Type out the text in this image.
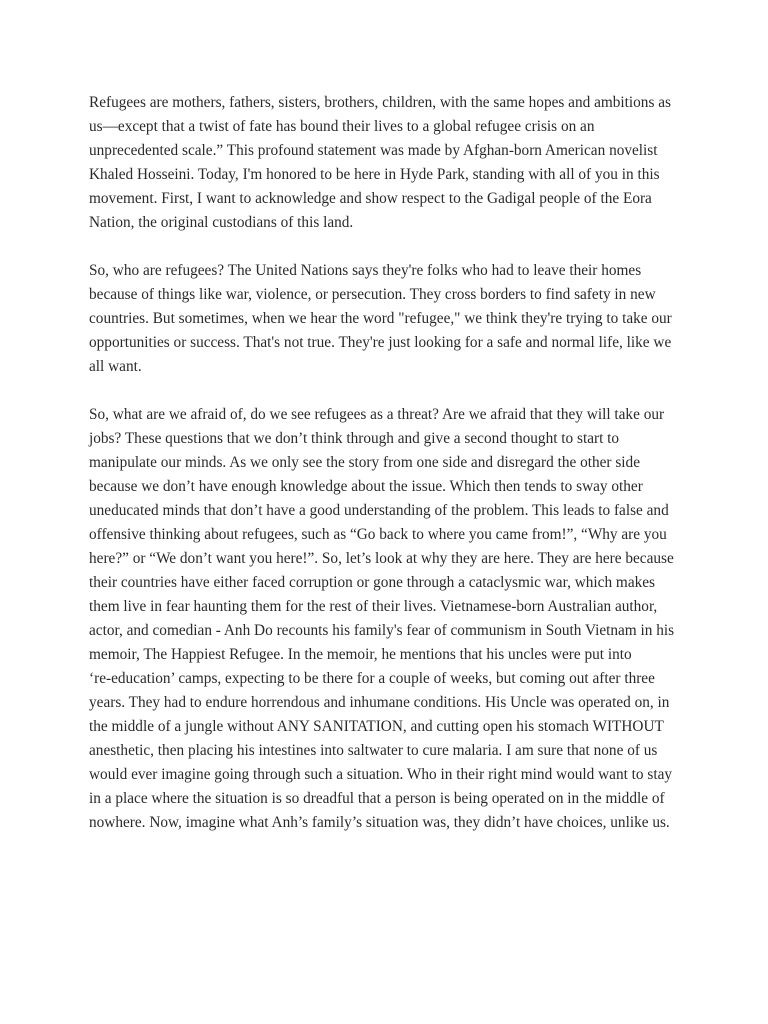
Refugees are mothers, fathers, sisters, brothers, children, with the same hopes and ambitions as
us—except that a twist of fate has bound their lives to a global refugee crisis on an
unprecedented scale.” This profound statement was made by Afghan-born American novelist
Khaled Hosseini. Today, I'm honored to be here in Hyde Park, standing with all of you in this
movement. First, I want to acknowledge and show respect to the Gadigal people of the Eora
Nation, the original custodians of this land.
So, who are refugees? The United Nations says they're folks who had to leave their homes
because of things like war, violence, or persecution. They cross borders to find safety in new
countries. But sometimes, when we hear the word "refugee," we think they're trying to take our
opportunities or success. That's not true. They're just looking for a safe and normal life, like we
all want.
So, what are we afraid of, do we see refugees as a threat? Are we afraid that they will take our
jobs? These questions that we don’t think through and give a second thought to start to
manipulate our minds. As we only see the story from one side and disregard the other side
because we don’t have enough knowledge about the issue. Which then tends to sway other
uneducated minds that don’t have a good understanding of the problem. This leads to false and
offensive thinking about refugees, such as “Go back to where you came from!”, “Why are you
here?” or “We don’t want you here!”. So, let’s look at why they are here. They are here because
their countries have either faced corruption or gone through a cataclysmic war, which makes
them live in fear haunting them for the rest of their lives. Vietnamese-born Australian author,
actor, and comedian - Anh Do recounts his family's fear of communism in South Vietnam in his
memoir, The Happiest Refugee. In the memoir, he mentions that his uncles were put into
‘re-education’ camps, expecting to be there for a couple of weeks, but coming out after three
years. They had to endure horrendous and inhumane conditions. His Uncle was operated on, in
the middle of a jungle without ANY SANITATION, and cutting open his stomach WITHOUT
anesthetic, then placing his intestines into saltwater to cure malaria. I am sure that none of us
would ever imagine going through such a situation. Who in their right mind would want to stay
in a place where the situation is so dreadful that a person is being operated on in the middle of
nowhere. Now, imagine what Anh’s family’s situation was, they didn’t have choices, unlike us.
